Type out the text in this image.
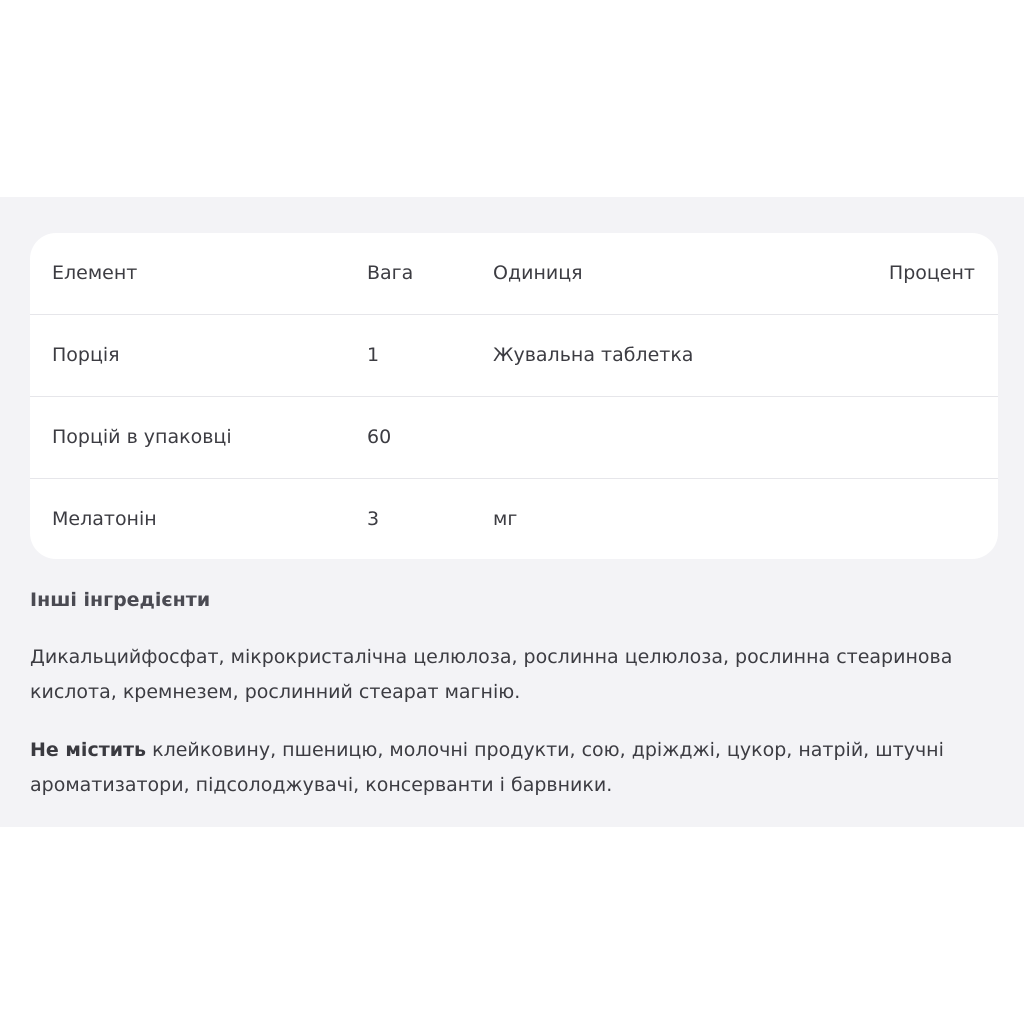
Елемент	Вага	Одиниця	Процент
Порція	1	Жувальна таблетка
Порцій в упаковці	60
Мелатонін	3	мг
Інші інгредієнти

Дикальцийфосфат, мікрокристалічна целюлоза, рослинна целюлоза, рослинна стеаринова кислота, кремнезем, рослинний стеарат магнію.

Не містить клейковину, пшеницю, молочні продукти, сою, дріжджі, цукор, натрій, штучні ароматизатори, підсолоджувачі, консерванти і барвники.
